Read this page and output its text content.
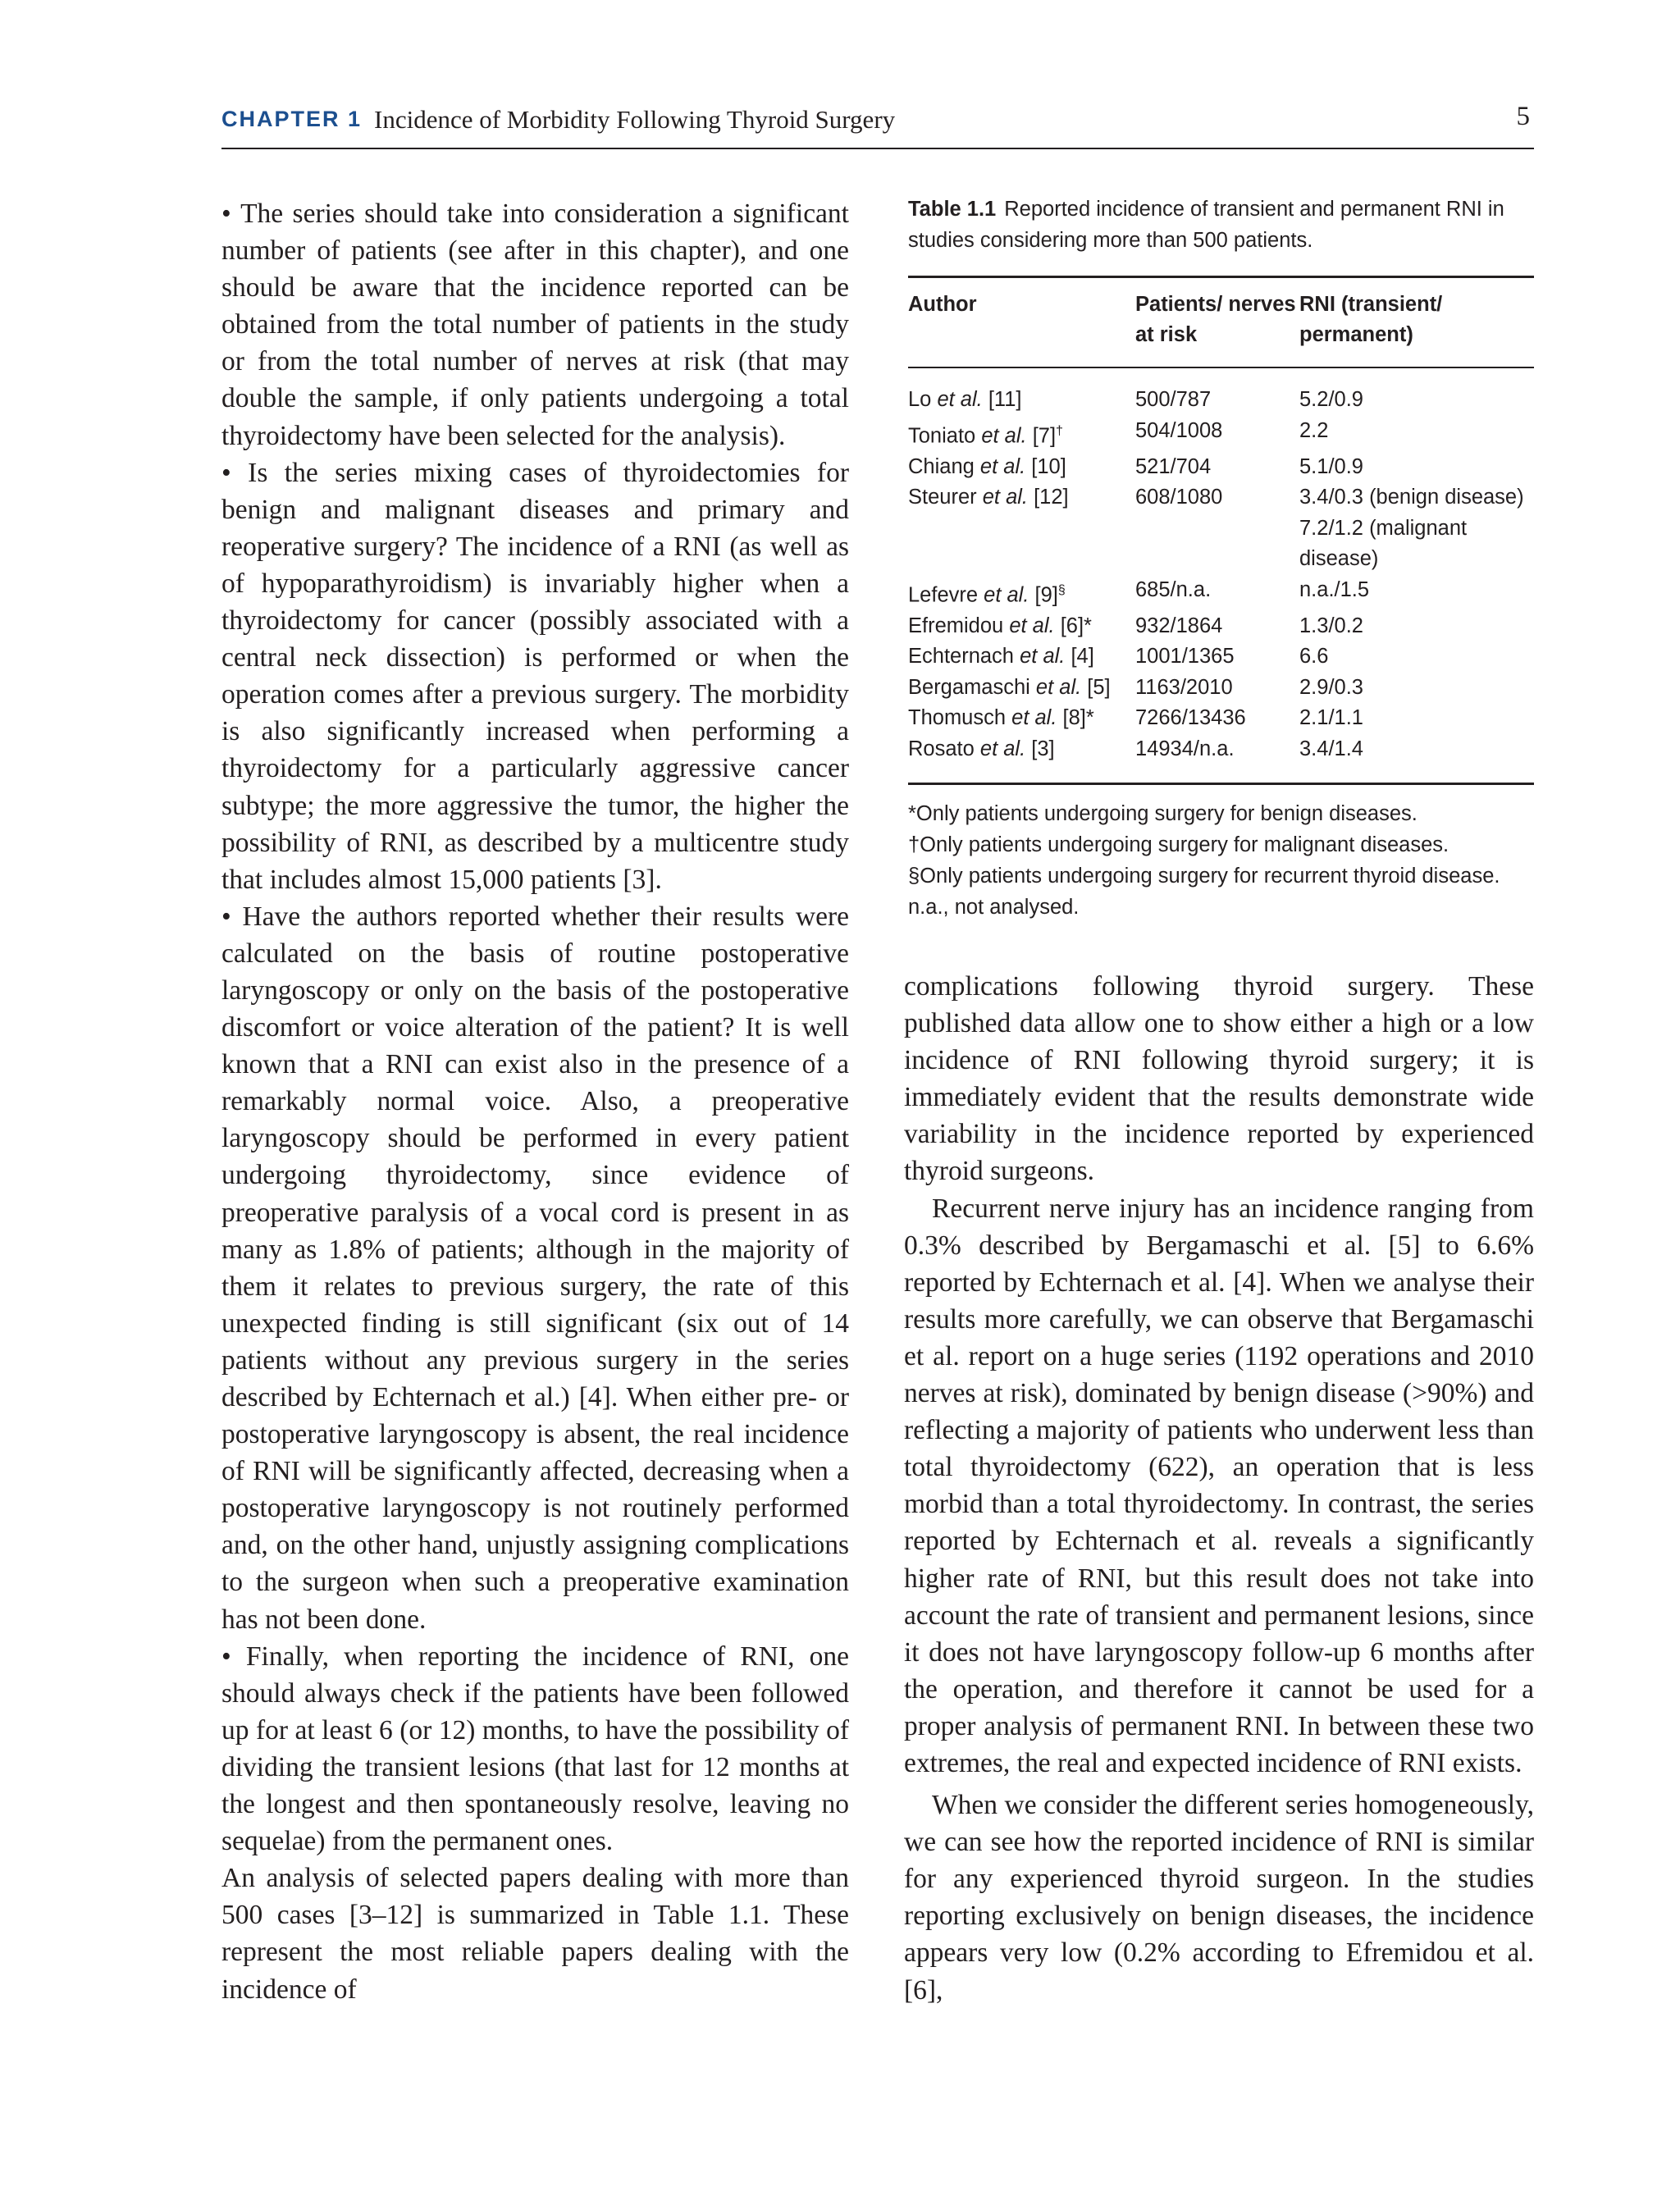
CHAPTER 1 Incidence of Morbidity Following Thyroid Surgery	5

• The series should take into consideration a significant number of patients (see after in this chapter), and one should be aware that the incidence reported can be obtained from the total number of patients in the study or from the total number of nerves at risk (that may double the sample, if only patients undergoing a total thyroidectomy have been selected for the analysis).

• Is the series mixing cases of thyroidectomies for benign and malignant diseases and primary and reoperative surgery? The incidence of a RNI (as well as of hypoparathyroidism) is invariably higher when a thyroidectomy for cancer (possibly associated with a central neck dissection) is performed or when the operation comes after a previous surgery. The morbidity is also significantly increased when performing a thyroidectomy for a particularly aggressive cancer subtype; the more aggressive the tumor, the higher the possibility of RNI, as described by a multicentre study that includes almost 15,000 patients [3].

• Have the authors reported whether their results were calculated on the basis of routine postoperative laryngoscopy or only on the basis of the postoperative discomfort or voice alteration of the patient? It is well known that a RNI can exist also in the presence of a remarkably normal voice. Also, a preoperative laryngoscopy should be performed in every patient undergoing thyroidectomy, since evidence of preoperative paralysis of a vocal cord is present in as many as 1.8% of patients; although in the majority of them it relates to previous surgery, the rate of this unexpected finding is still significant (six out of 14 patients without any previous surgery in the series described by Echternach et al.) [4]. When either pre- or postoperative laryngoscopy is absent, the real incidence of RNI will be significantly affected, decreasing when a postoperative laryngoscopy is not routinely performed and, on the other hand, unjustly assigning complications to the surgeon when such a preoperative examination has not been done.

• Finally, when reporting the incidence of RNI, one should always check if the patients have been followed up for at least 6 (or 12) months, to have the possibility of dividing the transient lesions (that last for 12 months at the longest and then spontaneously resolve, leaving no sequelae) from the permanent ones.

An analysis of selected papers dealing with more than 500 cases [3–12] is summarized in Table 1.1. These represent the most reliable papers dealing with the incidence of

Table 1.1 Reported incidence of transient and permanent RNI in studies considering more than 500 patients.
Author	Patients/ nerves at risk	RNI (transient/ permanent)
Lo et al. [11]	500/787	5.2/0.9
Toniato et al. [7]†	504/1008	2.2
Chiang et al. [10]	521/704	5.1/0.9
Steurer et al. [12]	608/1080	3.4/0.3 (benign disease) 7.2/1.2 (malignant disease)
Lefevre et al. [9]§	685/n.a.	n.a./1.5
Efremidou et al. [6]*	932/1864	1.3/0.2
Echternach et al. [4]	1001/1365	6.6
Bergamaschi et al. [5]	1163/2010	2.9/0.3
Thomusch et al. [8]*	7266/13436	2.1/1.1
Rosato et al. [3]	14934/n.a.	3.4/1.4
*Only patients undergoing surgery for benign diseases.
†Only patients undergoing surgery for malignant diseases.
§Only patients undergoing surgery for recurrent thyroid disease.
n.a., not analysed.

complications following thyroid surgery. These published data allow one to show either a high or a low incidence of RNI following thyroid surgery; it is immediately evident that the results demonstrate wide variability in the incidence reported by experienced thyroid surgeons.

Recurrent nerve injury has an incidence ranging from 0.3% described by Bergamaschi et al. [5] to 6.6% reported by Echternach et al. [4]. When we analyse their results more carefully, we can observe that Bergamaschi et al. report on a huge series (1192 operations and 2010 nerves at risk), dominated by benign disease (>90%) and reflecting a majority of patients who underwent less than total thyroidectomy (622), an operation that is less morbid than a total thyroidectomy. In contrast, the series reported by Echternach et al. reveals a significantly higher rate of RNI, but this result does not take into account the rate of transient and permanent lesions, since it does not have laryngoscopy follow-up 6 months after the operation, and therefore it cannot be used for a proper analysis of permanent RNI. In between these two extremes, the real and expected incidence of RNI exists.

When we consider the different series homogeneously, we can see how the reported incidence of RNI is similar for any experienced thyroid surgeon. In the studies reporting exclusively on benign diseases, the incidence appears very low (0.2% according to Efremidou et al. [6],
